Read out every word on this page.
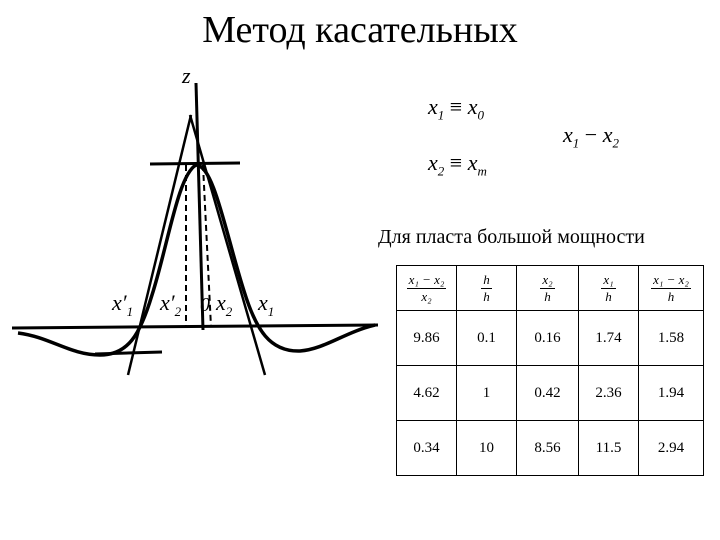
Метод касательных
z
$x'_1$ $x'_2$ 0 $x_2$ $x_1$
$x_1 \equiv x_0$
$x_2 \equiv x_m$
$x_1 - x_2$
Для пласта большой мощности
$\frac{\text{x₁ − x₂}}{\text{x₂}}$	$\frac{h}{h}$	$\frac{\text{x₂}}{h}$	$\frac{\text{x₁}}{h}$	$\frac{\text{x₁ − x₂}}{h}$

9.86	0.1	0.16	1.74	1.58
4.62	1	0.42	2.36	1.94
0.34	10	8.56	11.5	2.94
